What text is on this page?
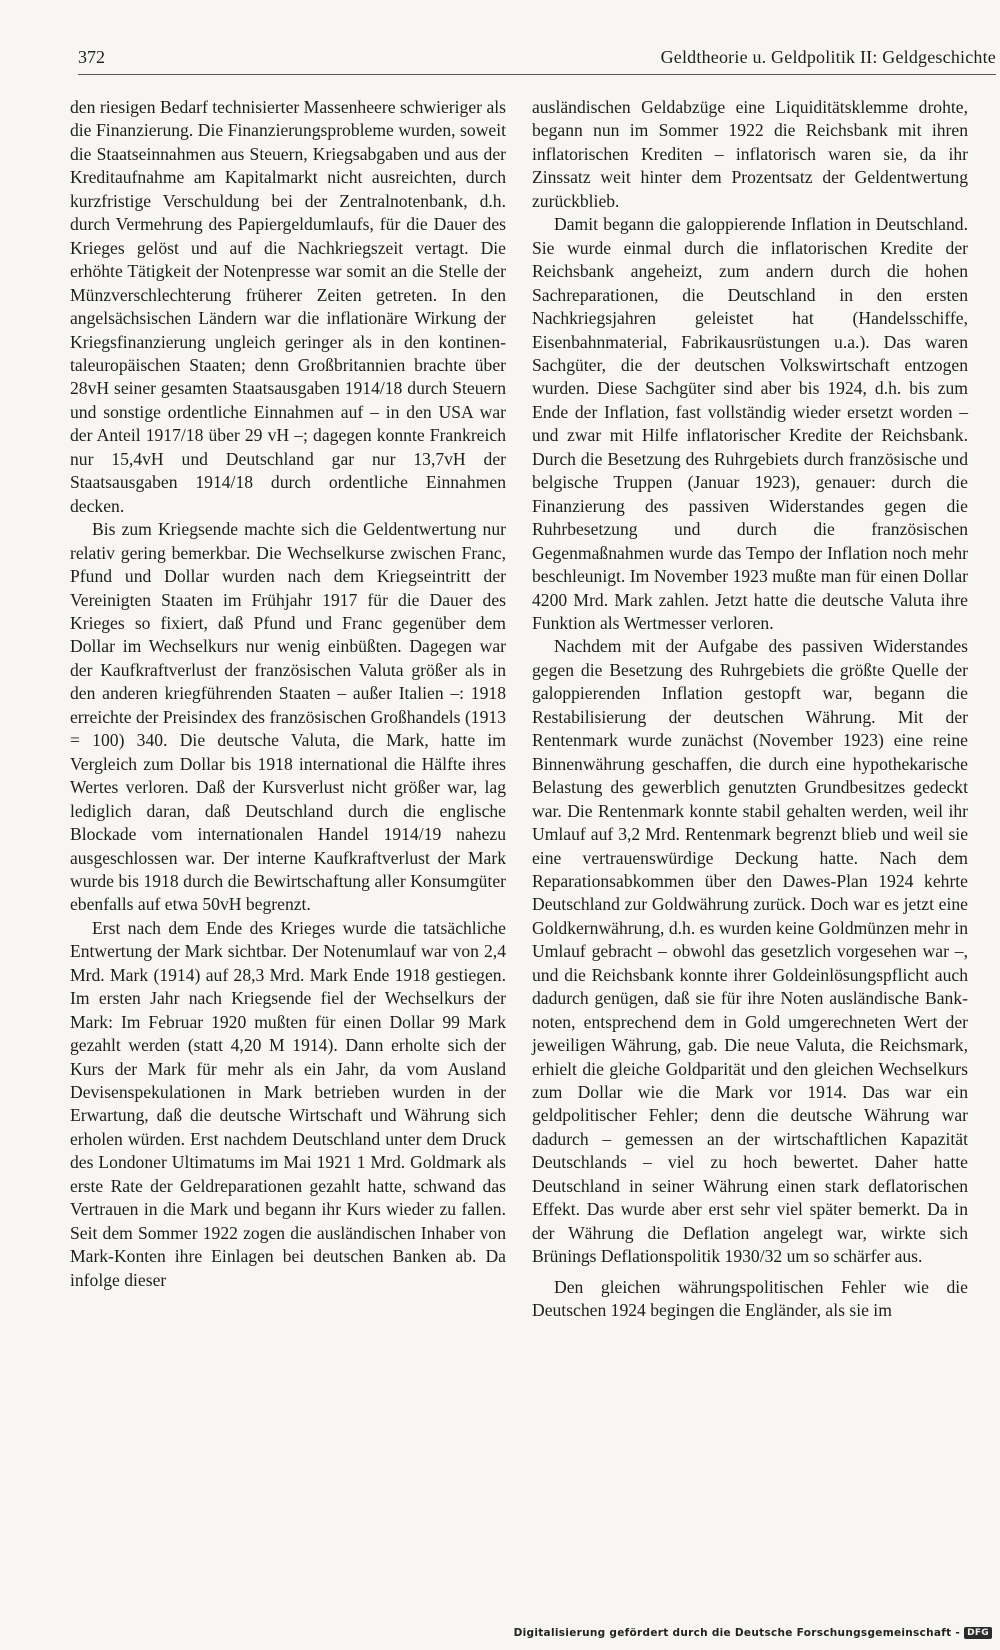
372	Geldtheorie u. Geldpolitik II: Geldgeschichte

den riesigen Bedarf technisierter Massenheere schwieriger als die Finanzierung. Die Finanzierungsprobleme wurden, soweit die Staatseinnahmen aus Steuern, Kriegsabgaben und aus der Kreditaufnahme am Kapitalmarkt nicht ausreichten, durch kurzfristige Verschuldung bei der Zentralnotenbank, d.h. durch Vermehrung des Papiergeldumlaufs, für die Dauer des Krieges gelöst und auf die Nachkriegszeit vertagt. Die erhöhte Tätigkeit der Notenpresse war somit an die Stelle der Münzverschlechterung früherer Zeiten getreten. In den angelsächsischen Ländern war die inflationäre Wirkung der Kriegsfinanzierung ungleich geringer als in den kontinentaleuropäischen Staaten; denn Großbritannien brachte über 28vH seiner gesamten Staatsausgaben 1914/18 durch Steuern und sonstige ordentliche Einnahmen auf – in den USA war der Anteil 1917/18 über 29 vH –; dagegen konnte Frankreich nur 15,4vH und Deutschland gar nur 13,7vH der Staatsausgaben 1914/18 durch ordentliche Einnahmen decken.

Bis zum Kriegsende machte sich die Geldentwertung nur relativ gering bemerkbar. Die Wechselkurse zwischen Franc, Pfund und Dollar wurden nach dem Kriegseintritt der Vereinigten Staaten im Frühjahr 1917 für die Dauer des Krieges so fixiert, daß Pfund und Franc gegenüber dem Dollar im Wechselkurs nur wenig einbüßten. Dagegen war der Kaufkraftverlust der französischen Valuta größer als in den anderen kriegführenden Staaten – außer Italien –: 1918 erreichte der Preisindex des französischen Großhandels (1913 = 100) 340. Die deutsche Valuta, die Mark, hatte im Vergleich zum Dollar bis 1918 international die Hälfte ihres Wertes verloren. Daß der Kursverlust nicht größer war, lag lediglich daran, daß Deutschland durch die englische Blockade vom internationalen Handel 1914/19 nahezu ausgeschlossen war. Der interne Kaufkraftverlust der Mark wurde bis 1918 durch die Bewirtschaftung aller Konsumgüter ebenfalls auf etwa 50vH begrenzt.

Erst nach dem Ende des Krieges wurde die tatsächliche Entwertung der Mark sichtbar. Der Notenumlauf war von 2,4 Mrd. Mark (1914) auf 28,3 Mrd. Mark Ende 1918 gestiegen. Im ersten Jahr nach Kriegsende fiel der Wechselkurs der Mark: Im Februar 1920 mußten für einen Dollar 99 Mark gezahlt werden (statt 4,20 M 1914). Dann erholte sich der Kurs der Mark für mehr als ein Jahr, da vom Ausland Devisenspekulationen in Mark betrieben wurden in der Erwartung, daß die deutsche Wirtschaft und Währung sich erholen würden. Erst nachdem Deutschland unter dem Druck des Londoner Ultimatums im Mai 1921 1 Mrd. Goldmark als erste Rate der Geldreparationen gezahlt hatte, schwand das Vertrauen in die Mark und begann ihr Kurs wieder zu fallen. Seit dem Sommer 1922 zogen die ausländischen Inhaber von Mark-Konten ihre Einlagen bei deutschen Banken ab. Da infolge dieser

ausländischen Geldabzüge eine Liquiditätsklemme drohte, begann nun im Sommer 1922 die Reichsbank mit ihren inflatorischen Krediten – inflatorisch waren sie, da ihr Zinssatz weit hinter dem Prozentsatz der Geldentwertung zurückblieb.

Damit begann die galoppierende Inflation in Deutschland. Sie wurde einmal durch die inflatorischen Kredite der Reichsbank angeheizt, zum andern durch die hohen Sachreparationen, die Deutschland in den ersten Nachkriegsjahren geleistet hat (Handelsschiffe, Eisenbahnmaterial, Fabrikausrüstungen u.a.). Das waren Sachgüter, die der deutschen Volkswirtschaft entzogen wurden. Diese Sachgüter sind aber bis 1924, d.h. bis zum Ende der Inflation, fast vollständig wieder ersetzt worden – und zwar mit Hilfe inflatorischer Kredite der Reichsbank. Durch die Besetzung des Ruhrgebiets durch französische und belgische Truppen (Januar 1923), genauer: durch die Finanzierung des passiven Widerstandes gegen die Ruhrbesetzung und durch die französischen Gegenmaßnahmen wurde das Tempo der Inflation noch mehr beschleunigt. Im November 1923 mußte man für einen Dollar 4200 Mrd. Mark zahlen. Jetzt hatte die deutsche Valuta ihre Funktion als Wertmesser verloren.

Nachdem mit der Aufgabe des passiven Widerstandes gegen die Besetzung des Ruhrgebiets die größte Quelle der galoppierenden Inflation gestopft war, begann die Restabilisierung der deutschen Währung. Mit der Rentenmark wurde zunächst (November 1923) eine reine Binnenwährung geschaffen, die durch eine hypothekarische Belastung des gewerblich genutzten Grundbesitzes gedeckt war. Die Rentenmark konnte stabil gehalten werden, weil ihr Umlauf auf 3,2 Mrd. Rentenmark begrenzt blieb und weil sie eine vertrauenswürdige Deckung hatte. Nach dem Reparationsabkommen über den Dawes-Plan 1924 kehrte Deutschland zur Goldwährung zurück. Doch war es jetzt eine Goldkernwährung, d.h. es wurden keine Goldmünzen mehr in Umlauf gebracht – obwohl das gesetzlich vorgesehen war –, und die Reichsbank konnte ihrer Goldeinlösungspflicht auch dadurch genügen, daß sie für ihre Noten ausländische Banknoten, entsprechend dem in Gold umgerechneten Wert der jeweiligen Währung, gab. Die neue Valuta, die Reichsmark, erhielt die gleiche Goldparität und den gleichen Wechselkurs zum Dollar wie die Mark vor 1914. Das war ein geldpolitischer Fehler; denn die deutsche Währung war dadurch – gemessen an der wirtschaftlichen Kapazität Deutschlands – viel zu hoch bewertet. Daher hatte Deutschland in seiner Währung einen stark deflatorischen Effekt. Das wurde aber erst sehr viel später bemerkt. Da in der Währung die Deflation angelegt war, wirkte sich Brünings Deflationspolitik 1930/32 um so schärfer aus.

Den gleichen währungspolitischen Fehler wie die Deutschen 1924 begingen die Engländer, als sie im

Digitalisierung gefördert durch die Deutsche Forschungsgemeinschaft - DFG
